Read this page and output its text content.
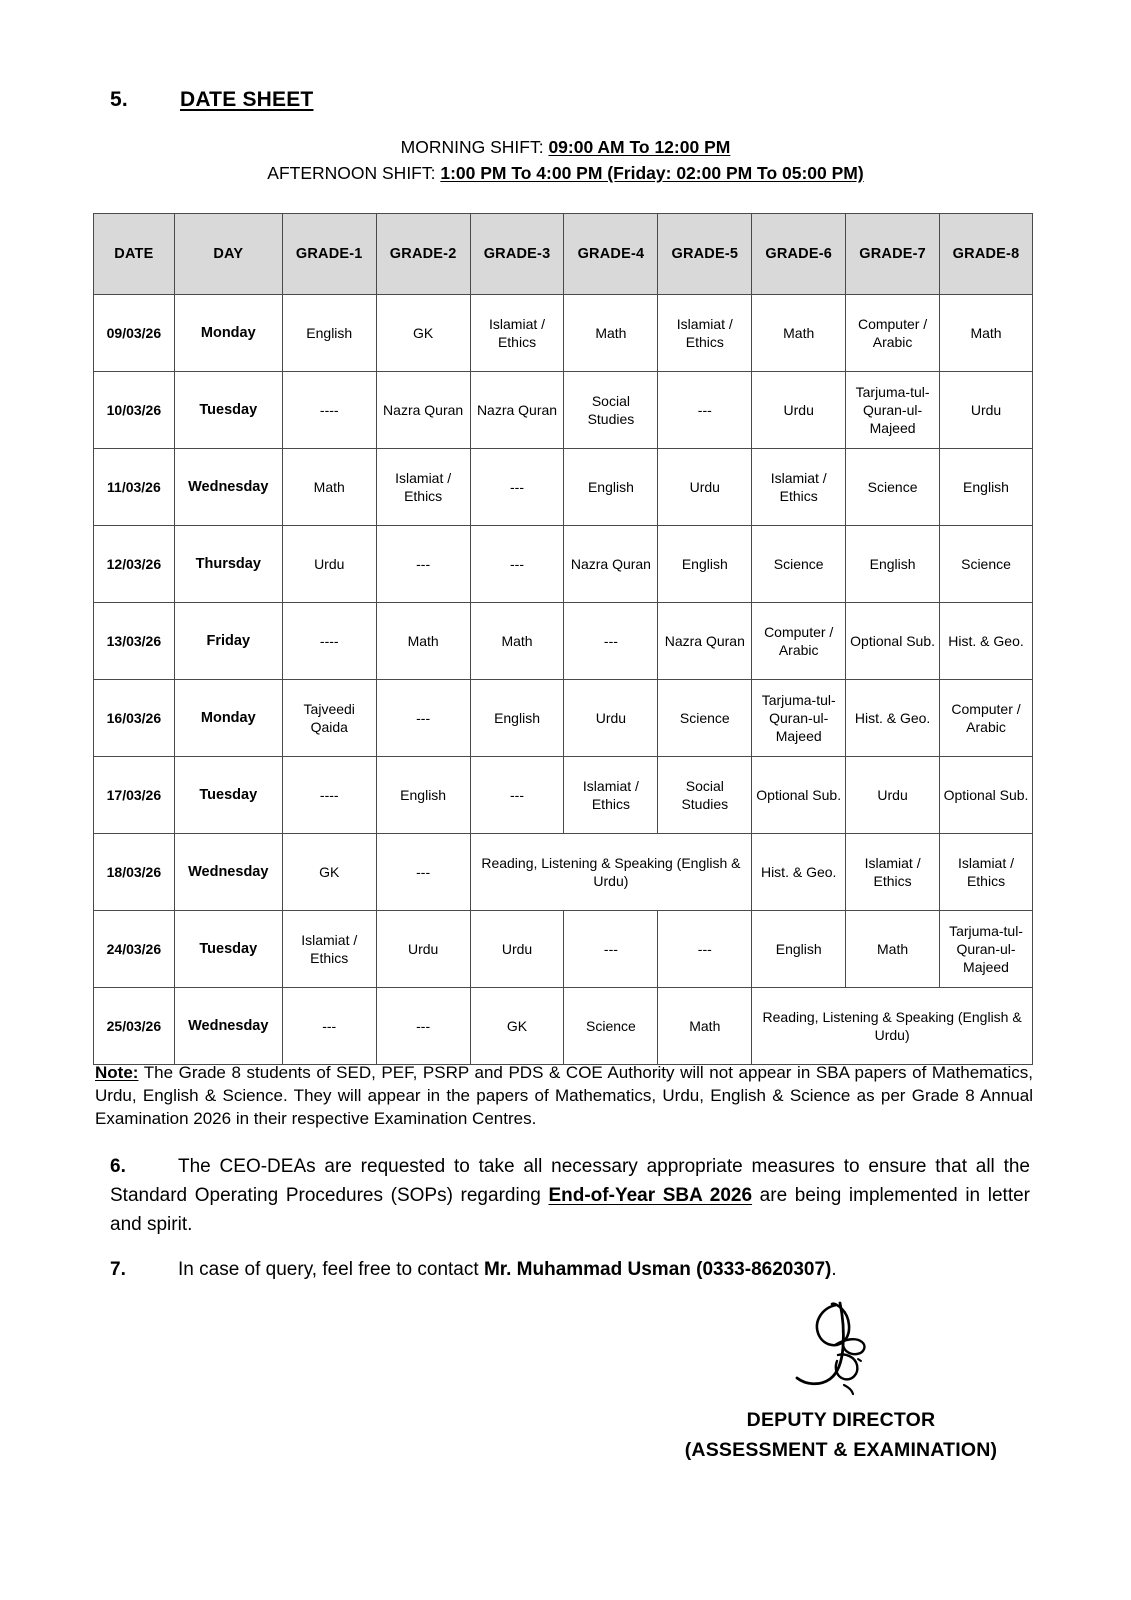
5. DATE SHEET
MORNING SHIFT: 09:00 AM To 12:00 PM
AFTERNOON SHIFT: 1:00 PM To 4:00 PM (Friday: 02:00 PM To 05:00 PM)
DATE	DAY	GRADE-1	GRADE-2	GRADE-3	GRADE-4	GRADE-5	GRADE-6	GRADE-7	GRADE-8
09/03/26	Monday	English	GK	Islamiat / Ethics	Math	Islamiat / Ethics	Math	Computer / Arabic	Math
10/03/26	Tuesday	----	Nazra Quran	Nazra Quran	Social Studies	---	Urdu	Tarjuma-tul-Quran-ul-Majeed	Urdu
11/03/26	Wednesday	Math	Islamiat / Ethics	---	English	Urdu	Islamiat / Ethics	Science	English
12/03/26	Thursday	Urdu	---	---	Nazra Quran	English	Science	English	Science
13/03/26	Friday	----	Math	Math	---	Nazra Quran	Computer / Arabic	Optional Sub.	Hist. & Geo.
16/03/26	Monday	Tajveedi Qaida	---	English	Urdu	Science	Tarjuma-tul-Quran-ul-Majeed	Hist. & Geo.	Computer / Arabic
17/03/26	Tuesday	----	English	---	Islamiat / Ethics	Social Studies	Optional Sub.	Urdu	Optional Sub.
18/03/26	Wednesday	GK	---	Reading, Listening & Speaking (English & Urdu)			Hist. & Geo.	Islamiat / Ethics	Islamiat / Ethics
24/03/26	Tuesday	Islamiat / Ethics	Urdu	Urdu	---	---	English	Math	Tarjuma-tul-Quran-ul-Majeed
25/03/26	Wednesday	---	---	GK	Science	Math	Reading, Listening & Speaking (English & Urdu)		
Note: The Grade 8 students of SED, PEF, PSRP and PDS & COE Authority will not appear in SBA papers of Mathematics, Urdu, English & Science. They will appear in the papers of Mathematics, Urdu, English & Science as per Grade 8 Annual Examination 2026 in their respective Examination Centres.
6.	The CEO-DEAs are requested to take all necessary appropriate measures to ensure that all the Standard Operating Procedures (SOPs) regarding End-of-Year SBA 2026 are being implemented in letter and spirit.
7.	In case of query, feel free to contact Mr. Muhammad Usman (0333-8620307).
DEPUTY DIRECTOR
(ASSESSMENT & EXAMINATION)
